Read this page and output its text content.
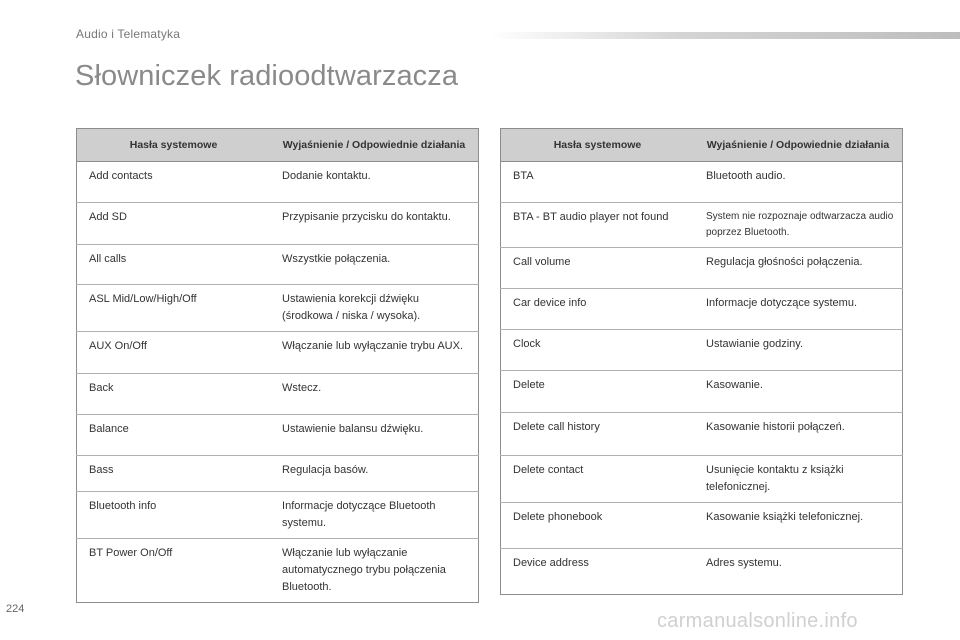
Audio i Telematyka
Słowniczek radioodtwarzacza
Hasła systemowe	Wyjaśnienie / Odpowiednie działania
Add contacts	Dodanie kontaktu.
Add SD	Przypisanie przycisku do kontaktu.
All calls	Wszystkie połączenia.
ASL Mid/Low/High/Off	Ustawienia korekcji dźwięku (środkowa / niska / wysoka).
AUX On/Off	Włączanie lub wyłączanie trybu AUX.
Back	Wstecz.
Balance	Ustawienie balansu dźwięku.
Bass	Regulacja basów.
Bluetooth info	Informacje dotyczące Bluetooth systemu.
BT Power On/Off	Włączanie lub wyłączanie automatycznego trybu połączenia Bluetooth.
Hasła systemowe	Wyjaśnienie / Odpowiednie działania
BTA	Bluetooth audio.
BTA - BT audio player not found	System nie rozpoznaje odtwarzacza audio poprzez Bluetooth.
Call volume	Regulacja głośności połączenia.
Car device info	Informacje dotyczące systemu.
Clock	Ustawianie godziny.
Delete	Kasowanie.
Delete call history	Kasowanie historii połączeń.
Delete contact	Usunięcie kontaktu z książki telefonicznej.
Delete phonebook	Kasowanie książki telefonicznej.
Device address	Adres systemu.
224
carmanualsonline.info
